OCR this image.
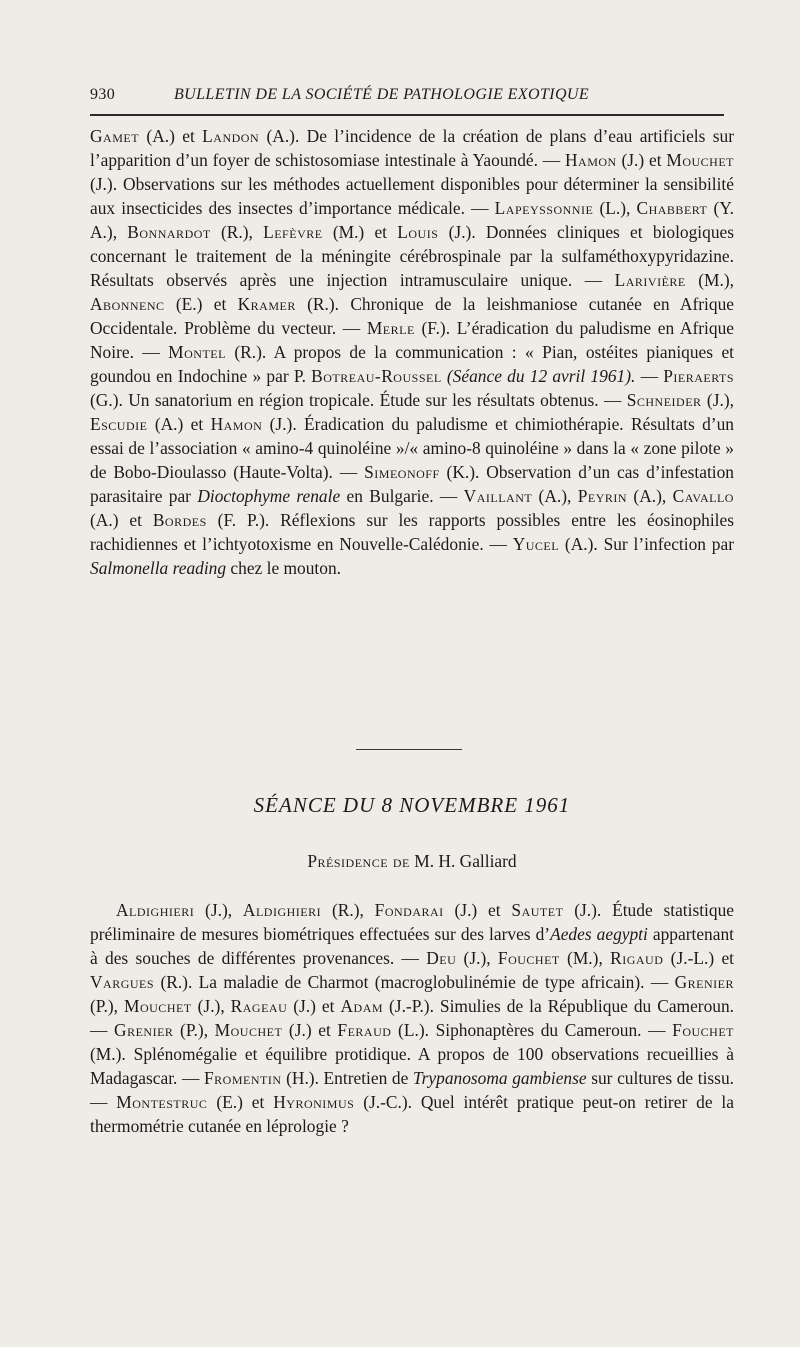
930	BULLETIN DE LA SOCIÉTÉ DE PATHOLOGIE EXOTIQUE
Gamet (A.) et Landon (A.). De l’incidence de la création de plans d’eau artificiels sur l’apparition d’un foyer de schistosomiase intestinale à Yaoundé. — Hamon (J.) et Mouchet (J.). Observations sur les méthodes actuellement disponibles pour déterminer la sensibilité aux insecticides des insectes d’importance médicale. — Lapeyssonnie (L.), Chabbert (Y. A.), Bonnardot (R.), Lefèvre (M.) et Louis (J.). Données cliniques et biologiques concernant le traitement de la méningite cérébrospinale par la sulfaméthoxypyridazine. Résultats observés après une injection intramusculaire unique. — Larivière (M.), Abonnenc (E.) et Kramer (R.). Chronique de la leishmaniose cutanée en Afrique Occidentale. Problème du vecteur. — Merle (F.). L’éradication du paludisme en Afrique Noire. — Montel (R.). A propos de la communication : « Pian, ostéites pianiques et goundou en Indochine » par P. Botreau-Roussel (Séance du 12 avril 1961). — Pieraerts (G.). Un sanatorium en région tropicale. Étude sur les résultats obtenus. — Schneider (J.), Escudie (A.) et Hamon (J.). Éradication du paludisme et chimiothérapie. Résultats d’un essai de l’association « amino-4 quinoléine »/« amino-8 quinoléine » dans la « zone pilote » de Bobo-Dioulasso (Haute-Volta). — Simeonoff (K.). Observation d’un cas d’infestation parasitaire par Dioctophyme renale en Bulgarie. — Vaillant (A.), Peyrin (A.), Cavallo (A.) et Bordes (F. P.). Réflexions sur les rapports possibles entre les éosinophiles rachidiennes et l’ichtyotoxisme en Nouvelle-Calédonie. — Yucel (A.). Sur l’infection par Salmonella reading chez le mouton.
SÉANCE DU 8 NOVEMBRE 1961
Présidence de M. H. Galliard
Aldighieri (J.), Aldighieri (R.), Fondarai (J.) et Sautet (J.). Étude statistique préliminaire de mesures biométriques effectuées sur des larves d’Aedes aegypti appartenant à des souches de différentes provenances. — Deu (J.), Fouchet (M.), Rigaud (J.-L.) et Vargues (R.). La maladie de Charmot (macroglobulinémie de type africain). — Grenier (P.), Mouchet (J.), Rageau (J.) et Adam (J.-P.). Simulies de la République du Cameroun. — Grenier (P.), Mouchet (J.) et Feraud (L.). Siphonaptères du Cameroun. — Fouchet (M.). Splénomégalie et équilibre protidique. A propos de 100 observations recueillies à Madagascar. — Fromentin (H.). Entretien de Trypanosoma gambiense sur cultures de tissu. — Montestruc (E.) et Hyronimus (J.-C.). Quel intérêt pratique peut-on retirer de la thermométrie cutanée en léprologie ?
